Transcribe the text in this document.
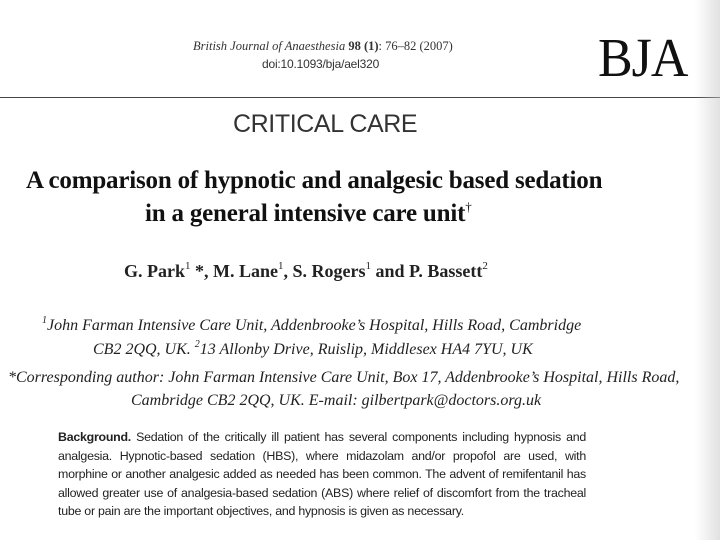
British Journal of Anaesthesia 98 (1): 76–82 (2007)
doi:10.1093/bja/ael320	BJA
CRITICAL CARE
A comparison of hypnotic and analgesic based sedation
in a general intensive care unit†
G. Park$^1$ *, M. Lane$^1$, S. Rogers$^1$ and P. Bassett$^2$
$^1$John Farman Intensive Care Unit, Addenbrooke’s Hospital, Hills Road, Cambridge
CB2 2QQ, UK. $^2$13 Allonby Drive, Ruislip, Middlesex HA4 7YU, UK
*Corresponding author: John Farman Intensive Care Unit, Box 17, Addenbrooke’s Hospital, Hills Road,
Cambridge CB2 2QQ, UK. E-mail: gilbertpark@doctors.org.uk
Background. Sedation of the critically ill patient has several components including hypnosis and analgesia. Hypnotic-based sedation (HBS), where midazolam and/or propofol are used, with morphine or another analgesic added as needed has been common. The advent of remifentanil has allowed greater use of analgesia-based sedation (ABS) where relief of discomfort from the tracheal tube or pain are the important objectives, and hypnosis is given as necessary.
